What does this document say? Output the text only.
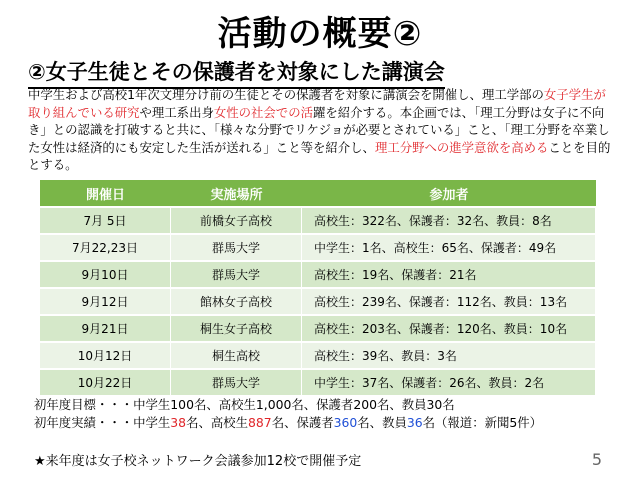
活動の概要②
②女子生徒とその保護者を対象にした講演会
中学生および高校1年次文理分け前の生徒とその保護者を対象に講演会を開催し、理工学部の女子学生が取り組んでいる研究や理工系出身女性の社会での活躍を紹介する。本企画では、「理工分野は女子に不向き」との認識を打破すると共に、「様々な分野でリケジョが必要とされている」こと、「理工分野を卒業した女性は経済的にも安定した生活が送れる」こと等を紹介し、理工分野への進学意欲を高めることを目的とする。
開催日	実施場所	参加者
7月 5日	前橋女子高校	高校生：322名、保護者：32名、教員：8名
7月22,23日	群馬大学	中学生：1名、高校生：65名、保護者：49名
9月10日	群馬大学	高校生：19名、保護者：21名
9月12日	館林女子高校	高校生：239名、保護者：112名、教員：13名
9月21日	桐生女子高校	高校生：203名、保護者：120名、教員：10名
10月12日	桐生高校	高校生：39名、教員：3名
10月22日	群馬大学	中学生：37名、保護者：26名、教員：2名
初年度目標・・・中学生100名、高校生1,000名、保護者200名、教員30名
初年度実績・・・中学生38名、高校生887名、保護者360名、教員36名（報道：新聞5件）
★来年度は女子校ネットワーク会議参加12校で開催予定	5
